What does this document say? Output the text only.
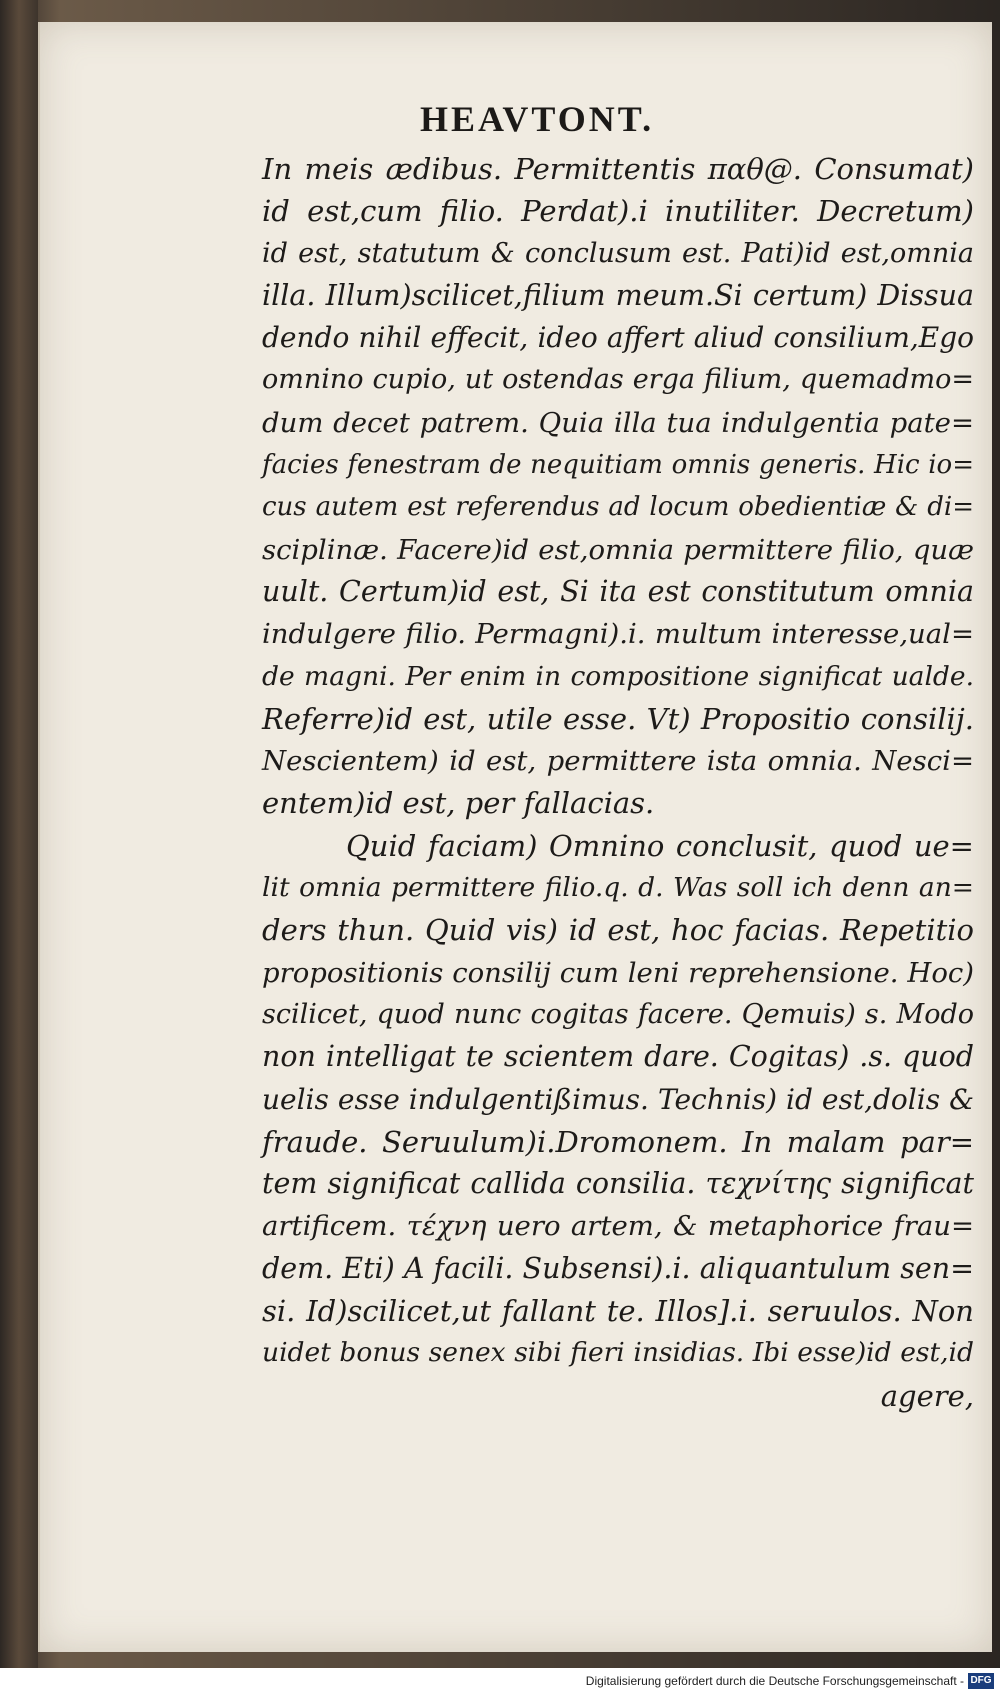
HEAVTONT.
In meis ædibus. Permittentis παθ@. Consumat)
id est,cum filio. Perdat).i inutiliter. Decretum)
id est, statutum & conclusum est. Pati)id est,omnia
illa. Illum)scilicet,filium meum.Si certum) Dissua
dendo nihil effecit, ideo affert aliud consilium,Ego
omnino cupio, ut ostendas erga filium, quemadmo=
dum decet patrem. Quia illa tua indulgentia pate=
facies fenestram de nequitiam omnis generis. Hic io=
cus autem est referendus ad locum obedientiæ & di=
sciplinæ. Facere)id est,omnia permittere filio, quæ
uult. Certum)id est, Si ita est constitutum omnia
indulgere filio. Permagni).i. multum interesse,ual=
de magni. Per enim in compositione significat ualde.
Referre)id est, utile esse. Vt) Propositio consilij.
Nescientem) id est, permittere ista omnia. Nesci=
entem)id est, per fallacias.
Quid faciam) Omnino conclusit, quod ue=
lit omnia permittere filio.q. d. Was soll ich denn an=
ders thun. Quid vis) id est, hoc facias. Repetitio
propositionis consilij cum leni reprehensione. Hoc)
scilicet, quod nunc cogitas facere. Qemuis) s. Modo
non intelligat te scientem dare. Cogitas) .s. quod
uelis esse indulgentißimus. Technis) id est,dolis &
fraude. Seruulum)i.Dromonem. In malam par=
tem significat callida consilia. τεχνίτης significat
artificem. τέχνη uero artem, & metaphorice frau=
dem. Eti) A facili. Subsensi).i. aliquantulum sen=
si. Id)scilicet,ut fallant te. Illos].i. seruulos. Non
uidet bonus senex sibi fieri insidias. Ibi esse)id est,id
agere,
Digitalisierung gefördert durch die Deutsche Forschungsgemeinschaft - DFG
